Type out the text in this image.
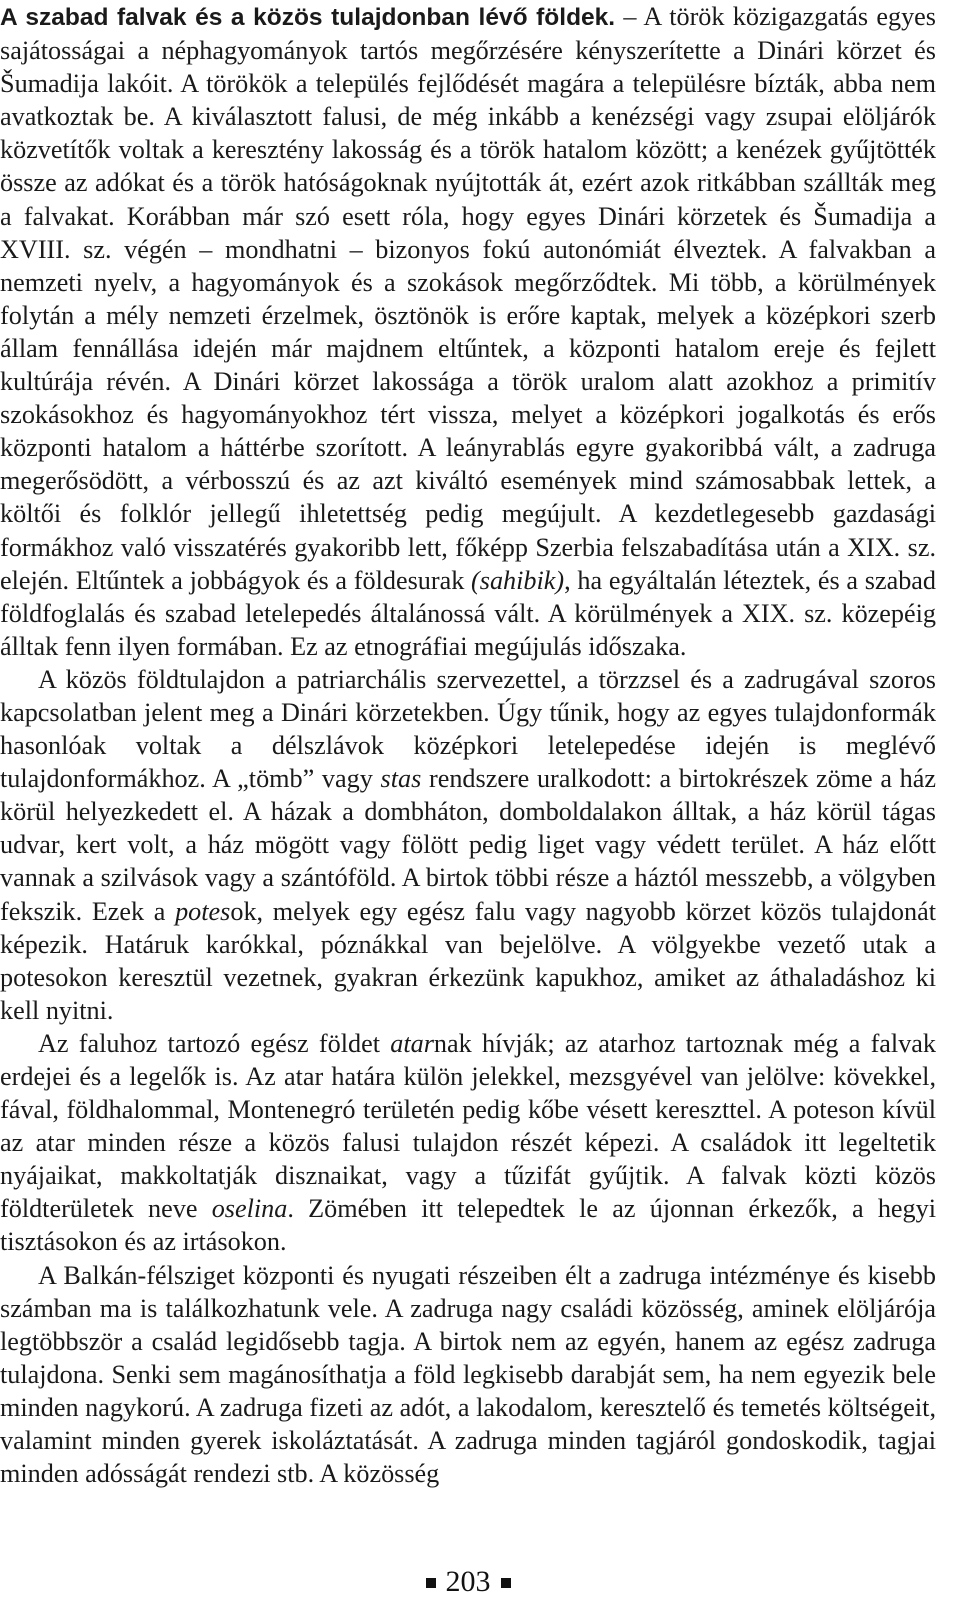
A szabad falvak és a közös tulajdonban lévő földek. – A török közigazgatás egyes sajátosságai a néphagyományok tartós megőrzésére kényszerítette a Dinári körzet és Šumadija lakóit. A törökök a település fejlődését magára a településre bízták, abba nem avatkoztak be. A kiválasztott falusi, de még inkább a kenézségi vagy zsupai elöljárók közvetítők voltak a keresztény lakosság és a török hatalom között; a kenézek gyűjtötték össze az adókat és a török hatóságoknak nyújtották át, ezért azok ritkábban szállták meg a falvakat. Korábban már szó esett róla, hogy egyes Dinári körzetek és Šumadija a XVIII. sz. végén – mondhatni – bizonyos fokú autonómiát élveztek. A falvakban a nemzeti nyelv, a hagyományok és a szokások megőrződtek. Mi több, a körülmények folytán a mély nemzeti érzelmek, ösztönök is erőre kaptak, melyek a középkori szerb állam fennállása idején már majdnem eltűntek, a központi hatalom ereje és fejlett kultúrája révén. A Dinári körzet lakossága a török uralom alatt azokhoz a primitív szokásokhoz és hagyományokhoz tért vissza, melyet a középkori jogalkotás és erős központi hatalom a háttérbe szorított. A leányrablás egyre gyakoribbá vált, a zadruga megerősödött, a vérbosszú és az azt kiváltó események mind számosabbak lettek, a költői és folklór jellegű ihletettség pedig megújult. A kezdetlegesebb gazdasági formákhoz való visszatérés gyakoribb lett, főképp Szerbia felszabadítása után a XIX. sz. elején. Eltűntek a jobbágyok és a földesurak (sahibik), ha egyáltalán léteztek, és a szabad földfoglalás és szabad letelepedés általánossá vált. A körülmények a XIX. sz. közepéig álltak fenn ilyen formában. Ez az etnográfiai megújulás időszaka.

A közös földtulajdon a patriarchális szervezettel, a törzzsel és a zadrugával szoros kapcsolatban jelent meg a Dinári körzetekben. Úgy tűnik, hogy az egyes tulajdonformák hasonlóak voltak a délszlávok középkori letelepedése idején is meglévő tulajdonformákhoz. A „tömb” vagy stas rendszere uralkodott: a birtokrészek zöme a ház körül helyezkedett el. A házak a dombháton, domboldalakon álltak, a ház körül tágas udvar, kert volt, a ház mögött vagy fölött pedig liget vagy védett terület. A ház előtt vannak a szilvások vagy a szántóföld. A birtok többi része a háztól messzebb, a völgyben fekszik. Ezek a potesok, melyek egy egész falu vagy nagyobb körzet közös tulajdonát képezik. Határuk karókkal, póznákkal van bejelölve. A völgyekbe vezető utak a potesokon keresztül vezetnek, gyakran érkezünk kapukhoz, amiket az áthaladáshoz ki kell nyitni.

Az faluhoz tartozó egész földet atarnak hívják; az atarhoz tartoznak még a falvak erdejei és a legelők is. Az atar határa külön jelekkel, mezsgyével van jelölve: kövekkel, fával, földhalommal, Montenegró területén pedig kőbe vésett kereszttel. A poteson kívül az atar minden része a közös falusi tulajdon részét képezi. A családok itt legeltetik nyájaikat, makkoltatják disznaikat, vagy a tűzifát gyűjtik. A falvak közti közös földterületek neve oselina. Zömében itt telepedtek le az újonnan érkezők, a hegyi tisztásokon és az irtásokon.

A Balkán-félsziget központi és nyugati részeiben élt a zadruga intézménye és kisebb számban ma is találkozhatunk vele. A zadruga nagy családi közösség, aminek elöljárója legtöbbször a család legidősebb tagja. A birtok nem az egyén, hanem az egész zadruga tulajdona. Senki sem magánosíthatja a föld legkisebb darabját sem, ha nem egyezik bele minden nagykorú. A zadruga fizeti az adót, a lakodalom, keresztelő és temetés költségeit, valamint minden gyerek iskoláztatását. A zadruga minden tagjáról gondoskodik, tagjai minden adósságát rendezi stb. A közösség

203
